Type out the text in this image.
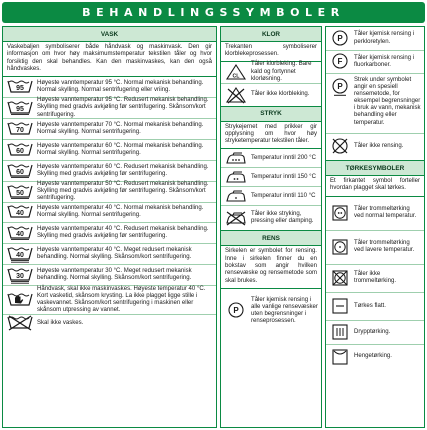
BEHANDLINGSSYMBOLER
VASK
Vaskebaljen symboliserer både håndvask og maskinvask. Den gir informasjon om hvor høy maksimumstemperatur tekstilen tåler og hvor forsiktig den skal behandles. Kan den maskinvaskes, kan den også håndvaskes.
95
Høyeste vanntemperatur 95 °C. Normal mekanisk behandling. Normal skylling. Normal sentrifugering eller vriing.
95
Høyeste vanntemperatur 95 °C. Redusert mekanisk behandling. Skylling med gradvis avkjøling før sentrifugering. Skånsom/kort sentrifugering.
70
Høyeste vanntemperatur 70 °C. Normal mekanisk behandling. Normal skylling. Normal sentrifugering.
60
Høyeste vanntemperatur 60 °C. Normal mekanisk behandling. Normal skylling. Normal sentrifugering.
60
Høyeste vanntemperatur 60 °C. Redusert mekanisk behandling. Skylling med gradvis avkjøling før sentrifugering.
50
Høyeste vanntemperatur 50 °C. Redusert mekanisk behandling. Skylling med gradvis avkjøling før sentrifugering. Skånsom/kort sentrifugering.
40
Høyeste vanntemperatur 40 °C. Normal mekanisk behandling. Normal skylling. Normal sentrifugering.
40
Høyeste vanntemperatur 40 °C. Redusert mekanisk behandling. Skylling med gradvis avkjøling før sentrifugering.
40
Høyeste vanntemperatur 40 °C. Meget redusert mekanisk behandling. Normal skylling. Skånsom/kort sentrifugering.
30
Høyeste vanntemperatur 30 °C. Meget redusert mekanisk behandling. Normal skylling. Skånsom/kort sentrifugering.
Håndvask, skal ikke maskinvaskes. Høyeste temperatur 40 °C. Kort vasketid, skånsom krysting. La ikke plagget ligge stille i vaskevannet. Skånsom/kort sentrifugering i maskinen eller skånsom utpressing av vannet.
Skal ikke vaskes.
KLOR
Trekanten symboliserer klorblekeprosessen.
CL
Tåler klorbleking. Bare kald og fortynnet klorløsning.
Tåler ikke klorbleking.
STRYK
Strykejernet med prikker gir opplysning om hvor høy stryketemperatur tekstilen tåler.
Temperatur inntil 200 °C
Temperatur inntil 150 °C
Temperatur inntil 110 °C
Tåler ikke stryking, pressing eller damping.
RENS
Sirkelen er symbolet for rensing. Inne i sirkelen finner du en bokstav som angir hvilken rensevæske og rensemetode som skal brukes.
P
Tåler kjemisk rensing i alle vanlige rensevæsker uten begrensninger i renseprosessen.
P Tåler kjemisk rensing i perkloretylen.
F Tåler kjemisk rensing i fluorkarboner.
P
Strek under symbolet angir en spesiell rensemetode, for eksempel begrensninger i bruk av vann, mekanisk behandling eller temperatur.
Tåler ikke rensing.
TØRKESYMBOLER
Et firkantet symbol forteller hvordan plagget skal tørkes.
Tåler trommeltørking ved normal temperatur.
Tåler trommeltørking ved lavere temperatur.
Tåler ikke trommeltørking.
Tørkes flatt.
Drypptørking.
Hengetørking.
